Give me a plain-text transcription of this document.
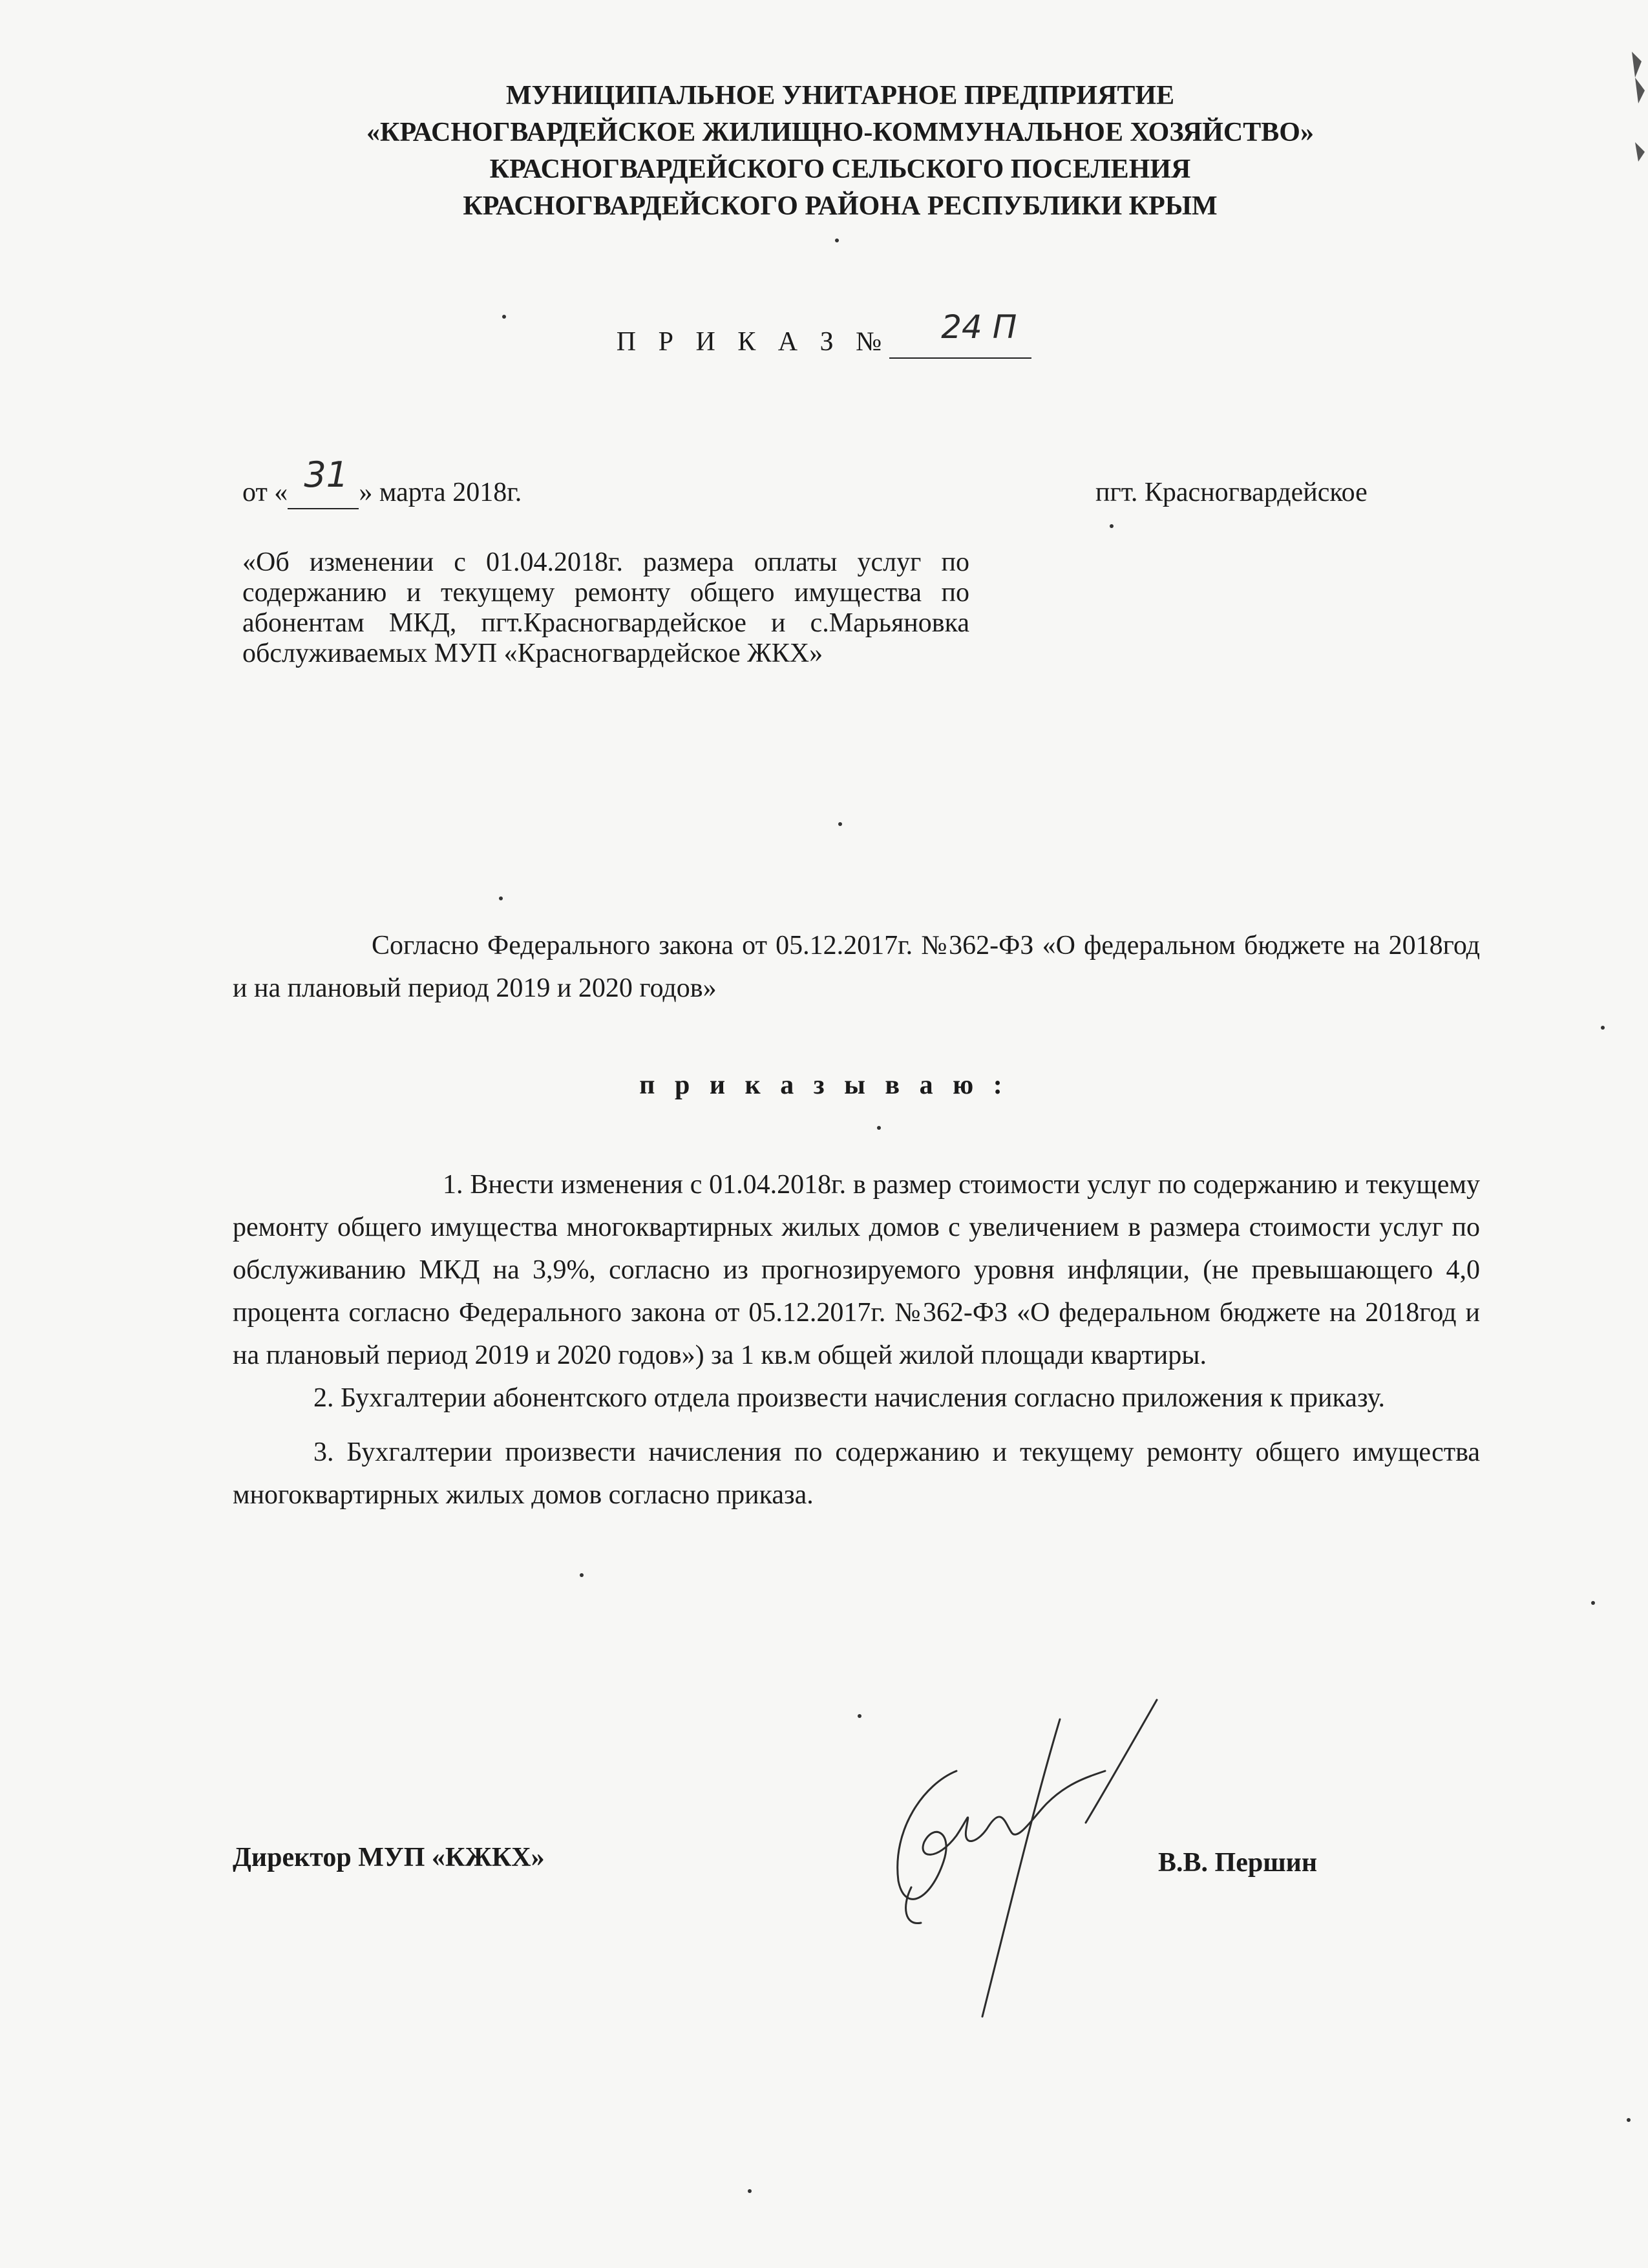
МУНИЦИПАЛЬНОЕ УНИТАРНОЕ ПРЕДПРИЯТИЕ
«КРАСНОГВАРДЕЙСКОЕ ЖИЛИЩНО-КОММУНАЛЬНОЕ ХОЗЯЙСТВО»
КРАСНОГВАРДЕЙСКОГО СЕЛЬСКОГО ПОСЕЛЕНИЯ
КРАСНОГВАРДЕЙСКОГО РАЙОНА РЕСПУБЛИКИ КРЫМ
П Р И К А З № 24 П
от « 31 » марта 2018г.	пгт. Красногвардейское
«Об изменении с 01.04.2018г. размера оплаты услуг по содержанию и текущему ремонту общего имущества по абонентам МКД, пгт.Красногвардейское и с.Марьяновка обслуживаемых МУП «Красногвардейское ЖКХ»
Согласно Федерального закона от 05.12.2017г. №362-ФЗ «О федеральном бюджете на 2018год и на плановый период 2019 и 2020 годов»
п р и к а з ы в а ю :

1. Внести изменения с 01.04.2018г. в размер стоимости услуг по содержанию и текущему ремонту общего имущества многоквартирных жилых домов с увеличением в размера стоимости услуг по обслуживанию МКД на 3,9%, согласно из прогнозируемого уровня инфляции, (не превышающего 4,0 процента согласно Федерального закона от 05.12.2017г. №362-ФЗ «О федеральном бюджете на 2018год и на плановый период 2019 и 2020 годов») за 1 кв.м общей жилой площади квартиры.

2. Бухгалтерии абонентского отдела произвести начисления согласно приложения к приказу.

3. Бухгалтерии произвести начисления по содержанию и текущему ремонту общего имущества многоквартирных жилых домов согласно приказа.

Директор МУП «КЖКХ»	В.В. Першин
